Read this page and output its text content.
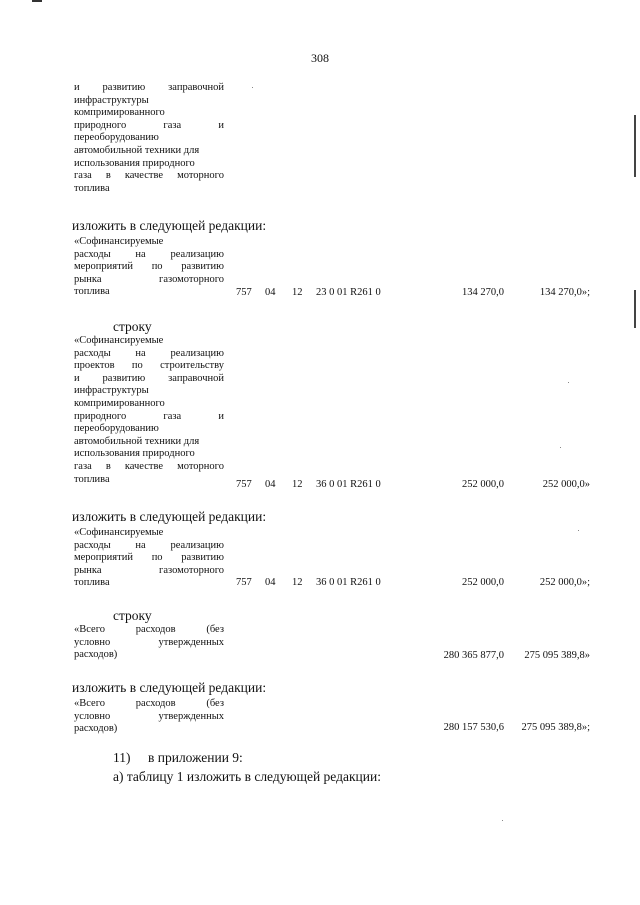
308
и развитию заправочной
инфраструктуры
компримированного
природного	газа	и
переоборудованию
автомобильной техники для
использования природного
газа в качестве моторного
топлива
изложить в следующей редакции:
«Софинансируемые
расходы на реализацию
мероприятий по развитию
рынка	газомоторного
топлива	757 04 12 23 0 01 R261 0	134 270,0	134 270,0»;
строку
«Софинансируемые
расходы на реализацию
проектов по строительству
и развитию заправочной
инфраструктуры
компримированного
природного	газа	и
переоборудованию
автомобильной техники для
использования природного
газа в качестве моторного
топлива	757 04 12 36 0 01 R261 0	252 000,0	252 000,0»
изложить в следующей редакции:
«Софинансируемые
расходы на реализацию
мероприятий по развитию
рынка	газомоторного
топлива	757 04 12 36 0 01 R261 0	252 000,0	252 000,0»;
строку
«Всего	расходов	(без
условно	утвержденных
расходов)	280 365 877,0	275 095 389,8»
изложить в следующей редакции:
«Всего	расходов	(без
условно	утвержденных
расходов)	280 157 530,6	275 095 389,8»;
11) в приложении 9:
а) таблицу 1 изложить в следующей редакции:
